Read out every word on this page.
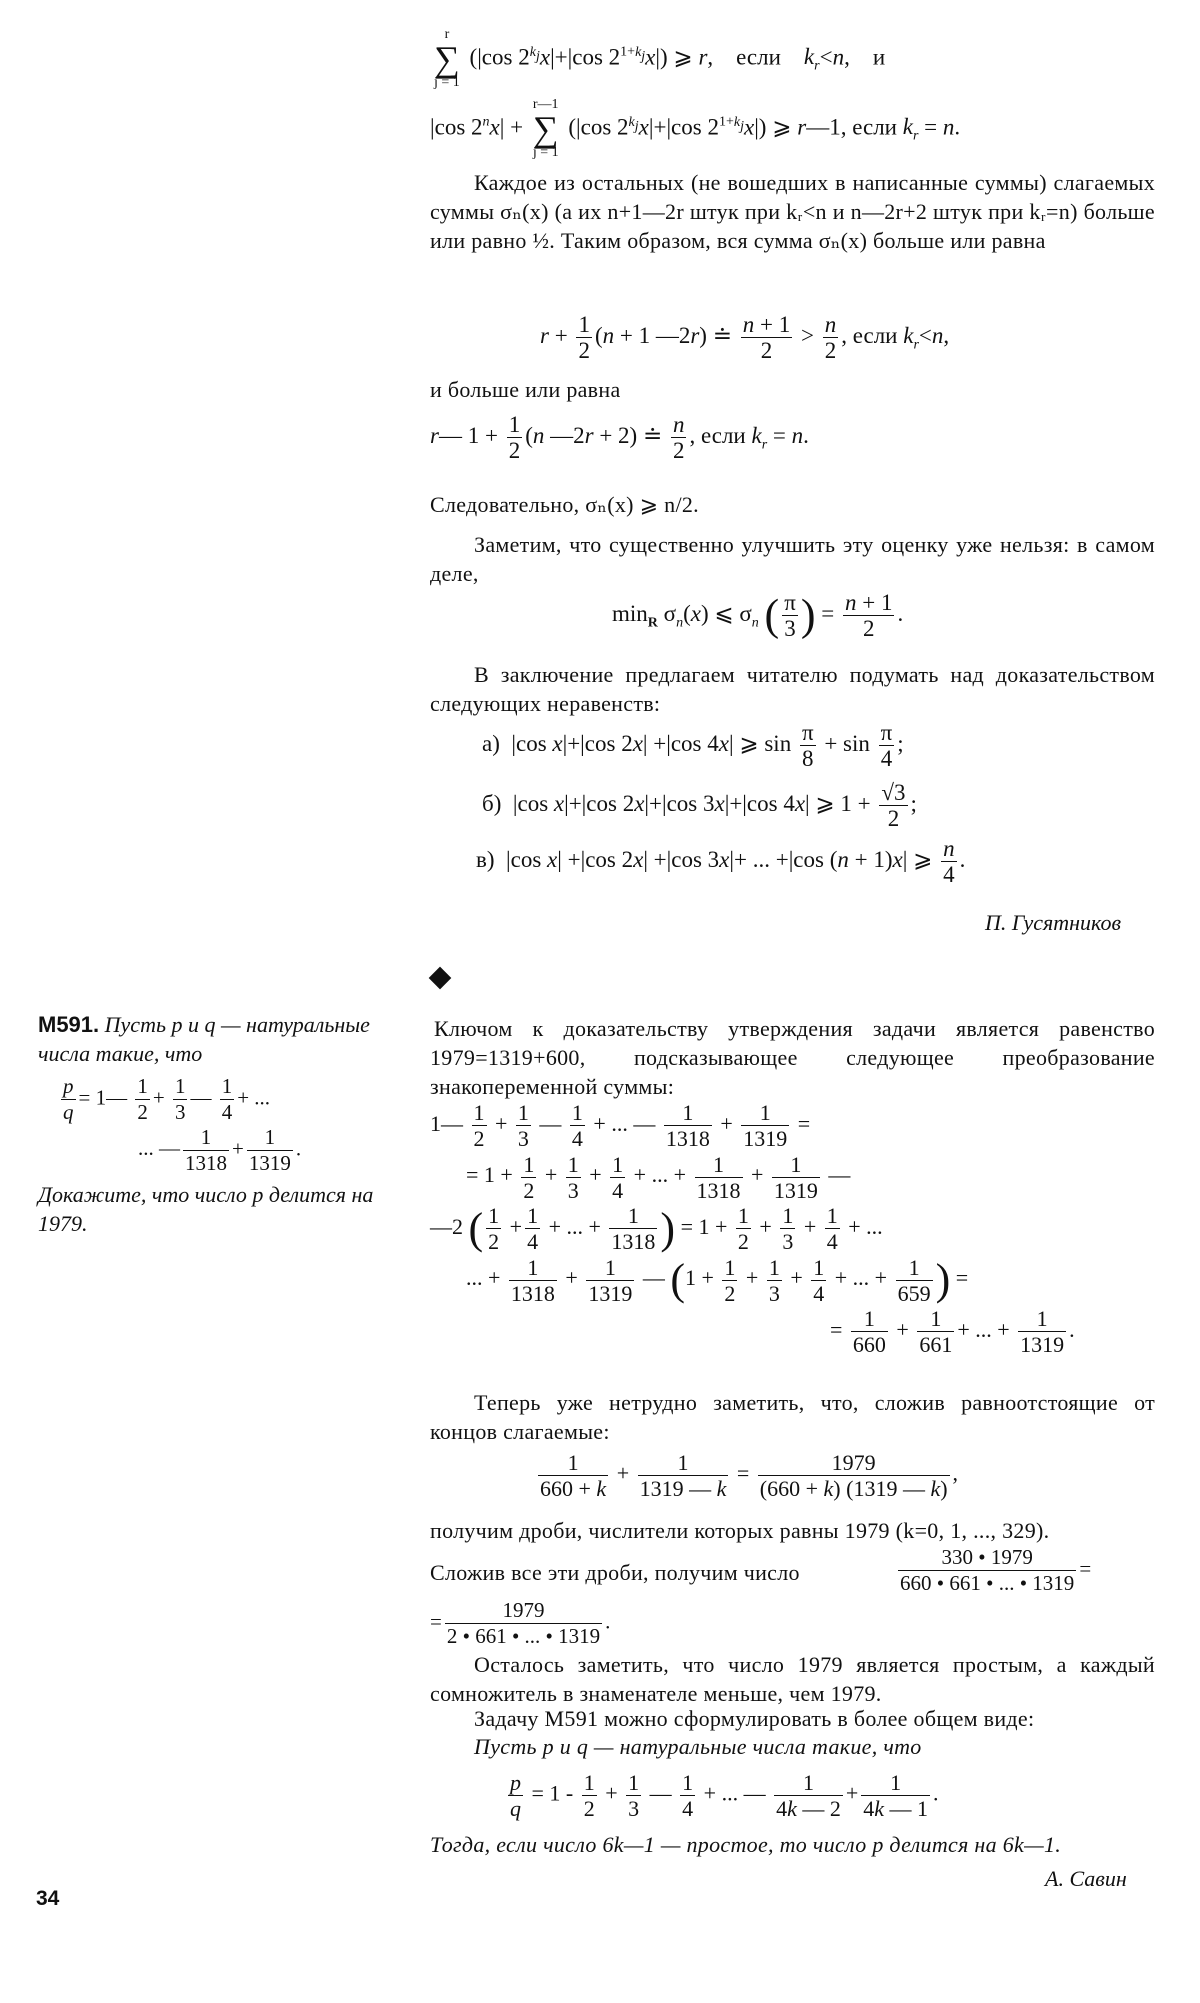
r
∑
j = 1 (|cos $2^{k_j}x|+|\cos$ $2^{1+k_j}x|$) ⩾ r,    если    $k_r<n$,    и
|cos $2^nx|$ + r—1
∑
j = 1 (|cos $2^{k_j}x|+|\cos$ $2^{1+k_j}x|$) ⩾ r—1, если $k_r = n$.
Каждое из остальных (не вошедших в написанные суммы) слагаемых суммы σₙ(x) (а их n+1—2r штук при kᵣ<n и n—2r+2 штук при kᵣ=n) больше или равно ½. Таким образом, вся сумма σₙ(x) больше или равна
$r + \frac{1}{2} (n + 1$ —2r) ≐ $\frac{n + 1}{2} > \frac{n}{2}$ , если $k_r<n$,
и больше или равна
r— $1 + \frac{1}{2} (n$ —2r + 2) ≐ $\frac{n}{2}$ , если $k_r = n$.
Следовательно, σₙ(x) ⩾ n/2.
Заметим, что существенно улучшить эту оценку уже нельзя: в самом деле,
$\min_R \sigma_n(x)$ ⩽ $\sigma_n$ ( $\frac{\pi}{3}$ ) = $\frac{n + 1}{2}$ .
В заключение предлагаем читателю подумать над доказательством следующих неравенств:
а)  |cos x|+|cos 2x| +|cos 4x| ⩾ $\sin \frac{\pi}{8} + \sin \frac{\pi}{4}$ ;
б)  |cos x|+|cos 2x|+|cos 3x|+|cos 4x| ⩾ $1 + \frac{√3}{2}$ ;
в)  |cos x| +|cos 2x| +|cos 3x|+ ... +|cos (n + 1)x| ⩾ $\frac{n}{4}$ .
П. Гусятников
M591. Пусть p и q — натуральные числа такие, что
$\frac{p}{q}$ = 1— $\frac{1}{2} + \frac{1}{3}$ — $\frac{1}{4}$ + ...
... — $\frac{1}{1318} + \frac{1}{1319}$ .
Докажите, что число p делится на 1979.
Ключом к доказательству утверждения задачи является равенство 1979=1319+600, подсказывающее следующее преобразование знакопеременной суммы:
1— $\frac{1}{2} + \frac{1}{3}$ — $\frac{1}{4}$ + ... — $\frac{1}{1318} + \frac{1}{1319}$ =
= $1 + \frac{1}{2} + \frac{1}{3} + \frac{1}{4}$ + ... + $\frac{1}{1318} + \frac{1}{1319}$ —
—2 ( $\frac{1}{2} + \frac{1}{4}$ + ... + $\frac{1}{1318}$ ) = $1 + \frac{1}{2} + \frac{1}{3} + \frac{1}{4}$ + ...
... + $\frac{1}{1318} + \frac{1}{1319}$ — ($1 + \frac{1}{2} + \frac{1}{3} + \frac{1}{4}$ + ... + $\frac{1}{659}$ ) =
= $\frac{1}{660} + \frac{1}{661}$ + ... + $\frac{1}{1319}$ .
Теперь уже нетрудно заметить, что, сложив равноотстоящие от концов слагаемые:
$\frac{1}{660 + k} + \frac{1}{1319 — k} = \frac{1979}{(660 + k) (1319 — k)}$ ,
получим дроби, числители которых равны 1979 (k=0, 1, ..., 329).
Сложив все эти дроби, получим число	$\frac{330 • 1979}{660 • 661 • ... • 1319}$ =
= $\frac{1979}{2 • 661 • ... • 1319}$ .
Осталось заметить, что число 1979 является простым, а каждый сомножитель в знаменателе меньше, чем 1979.
Задачу М591 можно сформулировать в более общем виде:
Пусть p и q — натуральные числа такие, что
$\frac{p}{q} = 1 - \frac{1}{2} + \frac{1}{3}$ — $\frac{1}{4}$ + ... — $\frac{1}{4k — 2} + \frac{1}{4k — 1}$ .
Тогда, если число 6k—1 — простое, то число p делится на 6k—1.
А. Савин
34
